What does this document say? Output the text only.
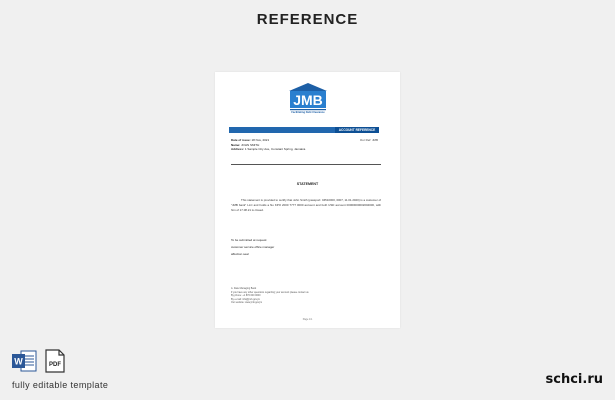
REFERENCE
JMB
Facilitating Debt Clearance
ACCOUNT REFERENCE
Date of issue: 18 Nov, 2021
Name: JOHN SMITH
Address: 1 Sample City Ave, Constant Spring, Jamaica
Our Ref: JMB
STATEMENT
This statement is provided to certify that John Smith (passport: 04510000, 0007, 11.01.2020) is a customer of "JMB bank" LLC and holds a No KPO 2000 7777 0000 account and both USD account 00000000002004000, with him of 17.08.21 is closed.
To be submitted at request:
customer service office manager
affection seal
A. Date Managing Bank
If you have any other questions regarding your account please contact us
By phone: +1 876 000 0000
By e-mail: info@jmb.gov.jm
Our website: www.jmb.gov.jm
Page 1/1
W	PDF
fully editable template	schci.ru
